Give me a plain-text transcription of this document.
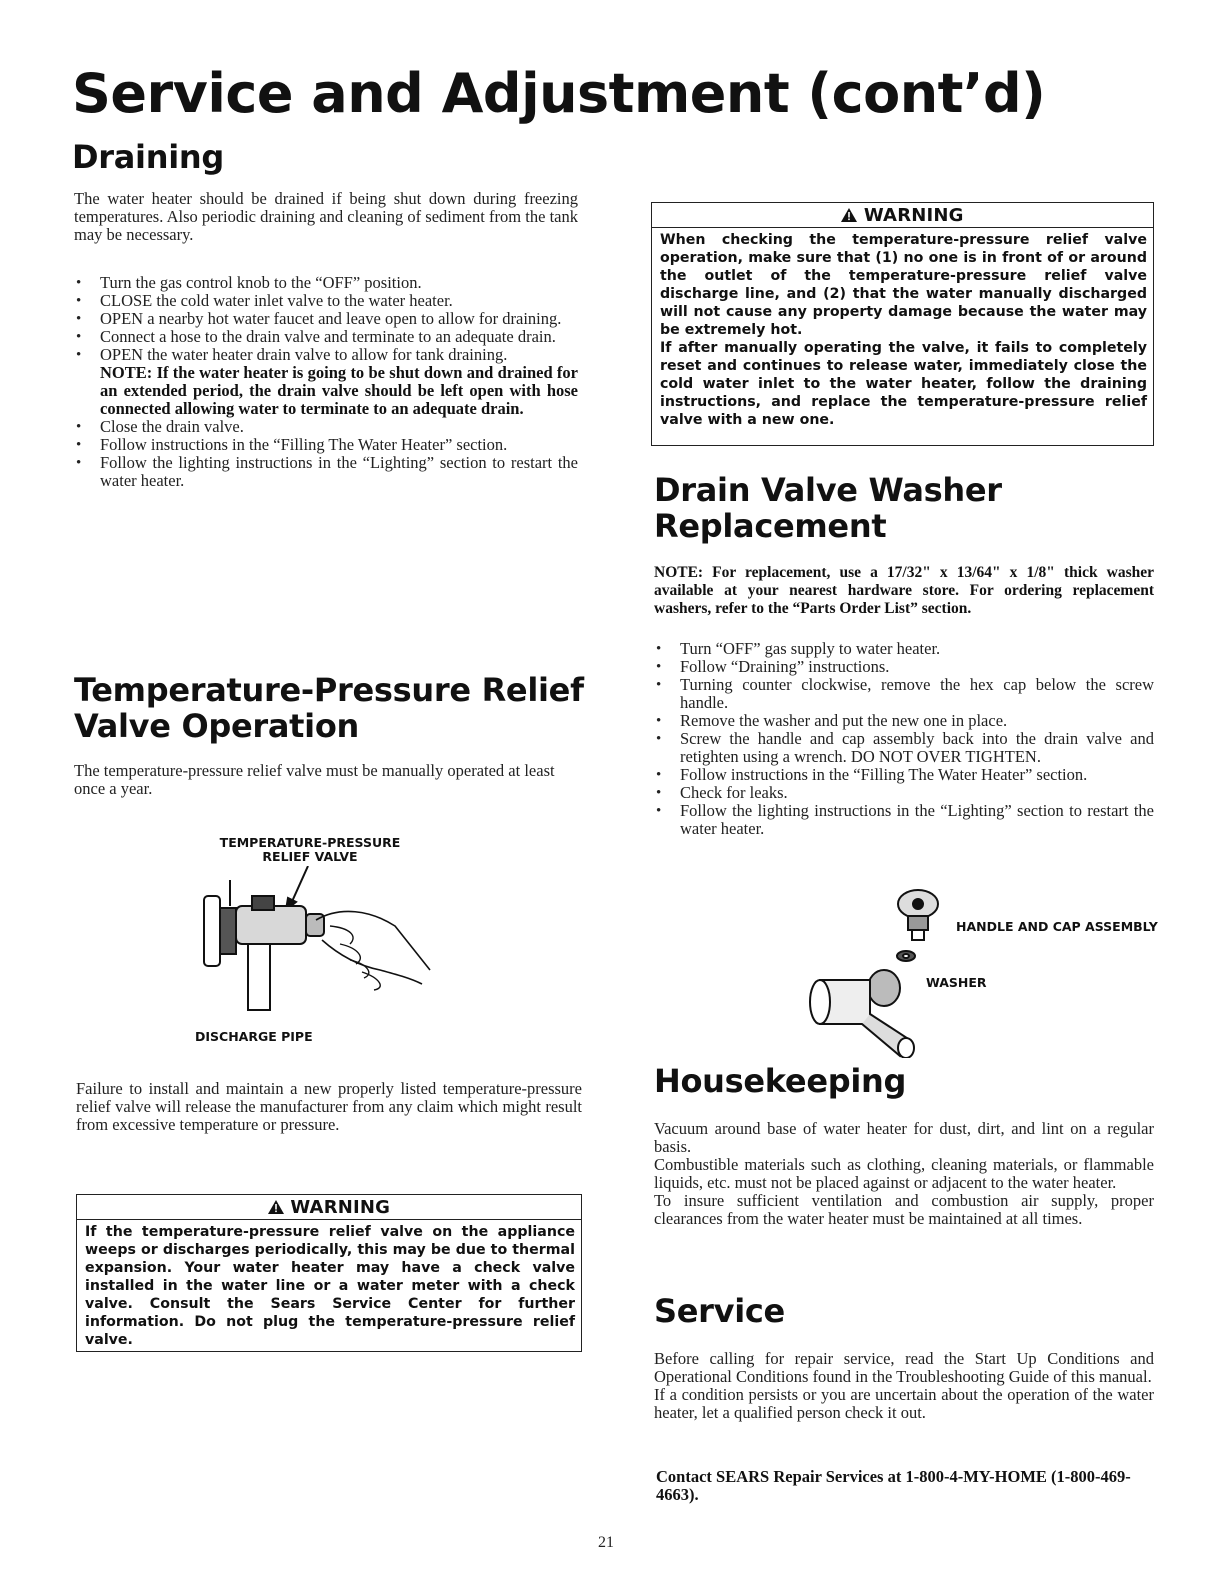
Service and Adjustment (cont’d)
Draining

The water heater should be drained if being shut down during freezing temperatures. Also periodic draining and cleaning of sediment from the tank may be necessary.

• Turn the gas control knob to the “OFF” position.
• CLOSE the cold water inlet valve to the water heater.
• OPEN a nearby hot water faucet and leave open to allow for draining.
• Connect a hose to the drain valve and terminate to an adequate drain.
• OPEN the water heater drain valve to allow for tank draining.
NOTE: If the water heater is going to be shut down and drained for an extended period, the drain valve should be left open with hose connected allowing water to terminate to an adequate drain.
• Close the drain valve.
• Follow instructions in the “Filling The Water Heater” section.
• Follow the lighting instructions in the “Lighting” section to restart the water heater.
Temperature-Pressure Relief Valve Operation

The temperature-pressure relief valve must be manually operated at least once a year.

TEMPERATURE-PRESSURE RELIEF VALVE
DISCHARGE PIPE

Failure to install and maintain a new properly listed temperature-pressure relief valve will release the manufacturer from any claim which might result from excessive temperature or pressure.

WARNING
If the temperature-pressure relief valve on the appliance weeps or discharges periodically, this may be due to thermal expansion. Your water heater may have a check valve installed in the water line or a water meter with a check valve. Consult the Sears Service Center for further information. Do not plug the temperature-pressure relief valve.
WARNING

When checking the temperature-pressure relief valve operation, make sure that (1) no one is in front of or around the outlet of the temperature-pressure relief valve discharge line, and (2) that the water manually discharged will not cause any property damage because the water may be extremely hot.

If after manually operating the valve, it fails to completely reset and continues to release water, immediately close the cold water inlet to the water heater, follow the draining instructions, and replace the temperature-pressure relief valve with a new one.

Drain Valve Washer Replacement

NOTE: For replacement, use a 17/32" x 13/64" x 1/8" thick washer available at your nearest hardware store. For ordering replacement washers, refer to the “Parts Order List” section.

• Turn “OFF” gas supply to water heater.
• Follow “Draining” instructions.
• Turning counter clockwise, remove the hex cap below the screw handle.
• Remove the washer and put the new one in place.
• Screw the handle and cap assembly back into the drain valve and retighten using a wrench. DO NOT OVER TIGHTEN.
• Follow instructions in the “Filling The Water Heater” section.
• Check for leaks.
• Follow the lighting instructions in the “Lighting” section to restart the water heater.
HANDLE AND CAP ASSEMBLY
WASHER
Housekeeping

Vacuum around base of water heater for dust, dirt, and lint on a regular basis.

Combustible materials such as clothing, cleaning materials, or flammable liquids, etc. must not be placed against or adjacent to the water heater.

To insure sufficient ventilation and combustion air supply, proper clearances from the water heater must be maintained at all times.

Service

Before calling for repair service, read the Start Up Conditions and Operational Conditions found in the Troubleshooting Guide of this manual.

If a condition persists or you are uncertain about the operation of the water heater, let a qualified person check it out.

Contact SEARS Repair Services at 1-800-4-MY-HOME (1-800-469-4663).

21
